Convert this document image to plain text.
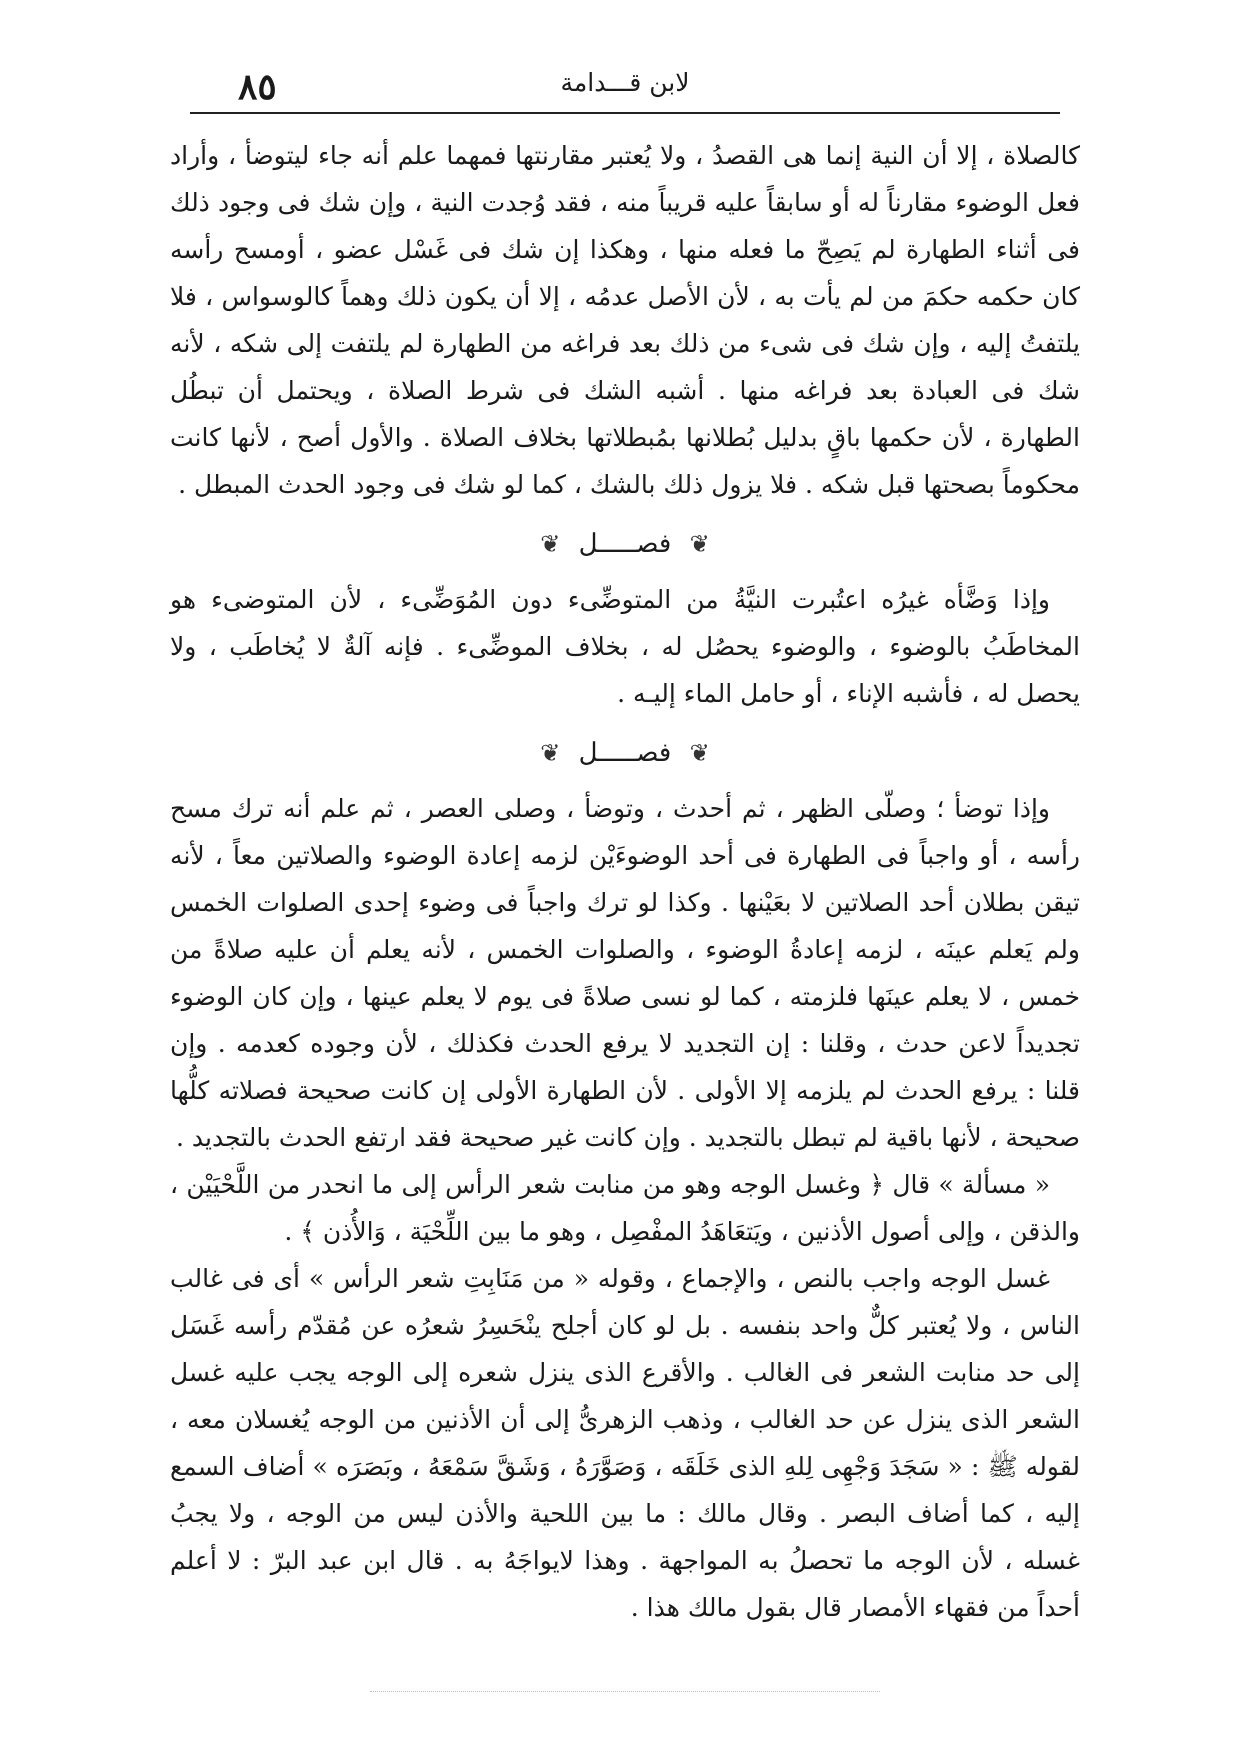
٨٥	لابن قـــدامة

كالصلاة ، إلا أن النية إنما هى القصدُ ، ولا يُعتبر مقارنتها فمهما علم أنه جاء ليتوضأ ، وأراد فعل الوضوء مقارناً له أو سابقاً عليه قريباً منه ، فقد وُجدت النية ، وإن شك فى وجود ذلك فى أثناء الطهارة لم يَصِحّ ما فعله منها ، وهكذا إن شك فى غَسْل عضو ، أومسح رأسه كان حكمه حكمَ من لم يأت به ، لأن الأصل عدمُه ، إلا أن يكون ذلك وهماً كالوسواس ، فلا يلتفتُ إليه ، وإن شك فى شىء من ذلك بعد فراغه من الطهارة لم يلتفت إلى شكه ، لأنه شك فى العبادة بعد فراغه منها . أشبه الشك فى شرط الصلاة ، ويحتمل أن تبطُل الطهارة ، لأن حكمها باقٍ بدليل بُطلانها بمُبطلاتها بخلاف الصلاة . والأول أصح ، لأنها كانت محكوماً بصحتها قبل شكه . فلا يزول ذلك بالشك ، كما لو شك فى وجود الحدث المبطل .

❦ فصـــــل ❦

وإذا وَضَّأه غيرُه اعتُبرت النيَّةُ من المتوضِّىء دون المُوَضِّىء ، لأن المتوضىء هو المخاطَبُ بالوضوء ، والوضوء يحصُل له ، بخلاف الموضِّىء . فإنه آلةٌ لا يُخاطَب ، ولا يحصل له ، فأشبه الإناء ، أو حامل الماء إليـه .

❦ فصـــــل ❦

وإذا توضأ ؛ وصلّى الظهر ، ثم أحدث ، وتوضأ ، وصلى العصر ، ثم علم أنه ترك مسح رأسه ، أو واجباً فى الطهارة فى أحد الوضوءَيْن لزمه إعادة الوضوء والصلاتين معاً ، لأنه تيقن بطلان أحد الصلاتين لا بعَيْنها . وكذا لو ترك واجباً فى وضوء إحدى الصلوات الخمس ولم يَعلم عينَه ، لزمه إعادةُ الوضوء ، والصلوات الخمس ، لأنه يعلم أن عليه صلاةً من خمس ، لا يعلم عينَها فلزمته ، كما لو نسى صلاةً فى يوم لا يعلم عينها ، وإن كان الوضوء تجديداً لاعن حدث ، وقلنا : إن التجديد لا يرفع الحدث فكذلك ، لأن وجوده كعدمه . وإن قلنا : يرفع الحدث لم يلزمه إلا الأولى . لأن الطهارة الأولى إن كانت صحيحة فصلاته كلُّها صحيحة ، لأنها باقية لم تبطل بالتجديد . وإن كانت غير صحيحة فقد ارتفع الحدث بالتجديد .

« مسألة » قال ﴿ وغسل الوجه وهو من منابت شعر الرأس إلى ما انحدر من اللَّحْيَيْن ، والذقن ، وإلى أصول الأذنين ، ويَتعَاهَدُ المفْصِل ، وهو ما بين اللِّحْيَة ، وَالأُذن ﴾ .

غسل الوجه واجب بالنص ، والإجماع ، وقوله « من مَنَابِتِ شعر الرأس » أى فى غالب الناس ، ولا يُعتبر كلٌّ واحد بنفسه . بل لو كان أجلح ينْحَسِرُ شعرُه عن مُقدّم رأسه غَسَل إلى حد منابت الشعر فى الغالب . والأقرع الذى ينزل شعره إلى الوجه يجب عليه غسل الشعر الذى ينزل عن حد الغالب ، وذهب الزهرىُّ إلى أن الأذنين من الوجه يُغسلان معه ، لقوله ﷺ : « سَجَدَ وَجْهِى لِلهِ الذى خَلَقَه ، وَصَوَّرَهُ ، وَشَقَّ سَمْعَهُ ، وبَصَرَه » أضاف السمع إليه ، كما أضاف البصر . وقال مالك : ما بين اللحية والأذن ليس من الوجه ، ولا يجبُ غسله ، لأن الوجه ما تحصلُ به المواجهة . وهذا لايواجَهُ به . قال ابن عبد البرّ : لا أعلم أحداً من فقهاء الأمصار قال بقول مالك هذا .
